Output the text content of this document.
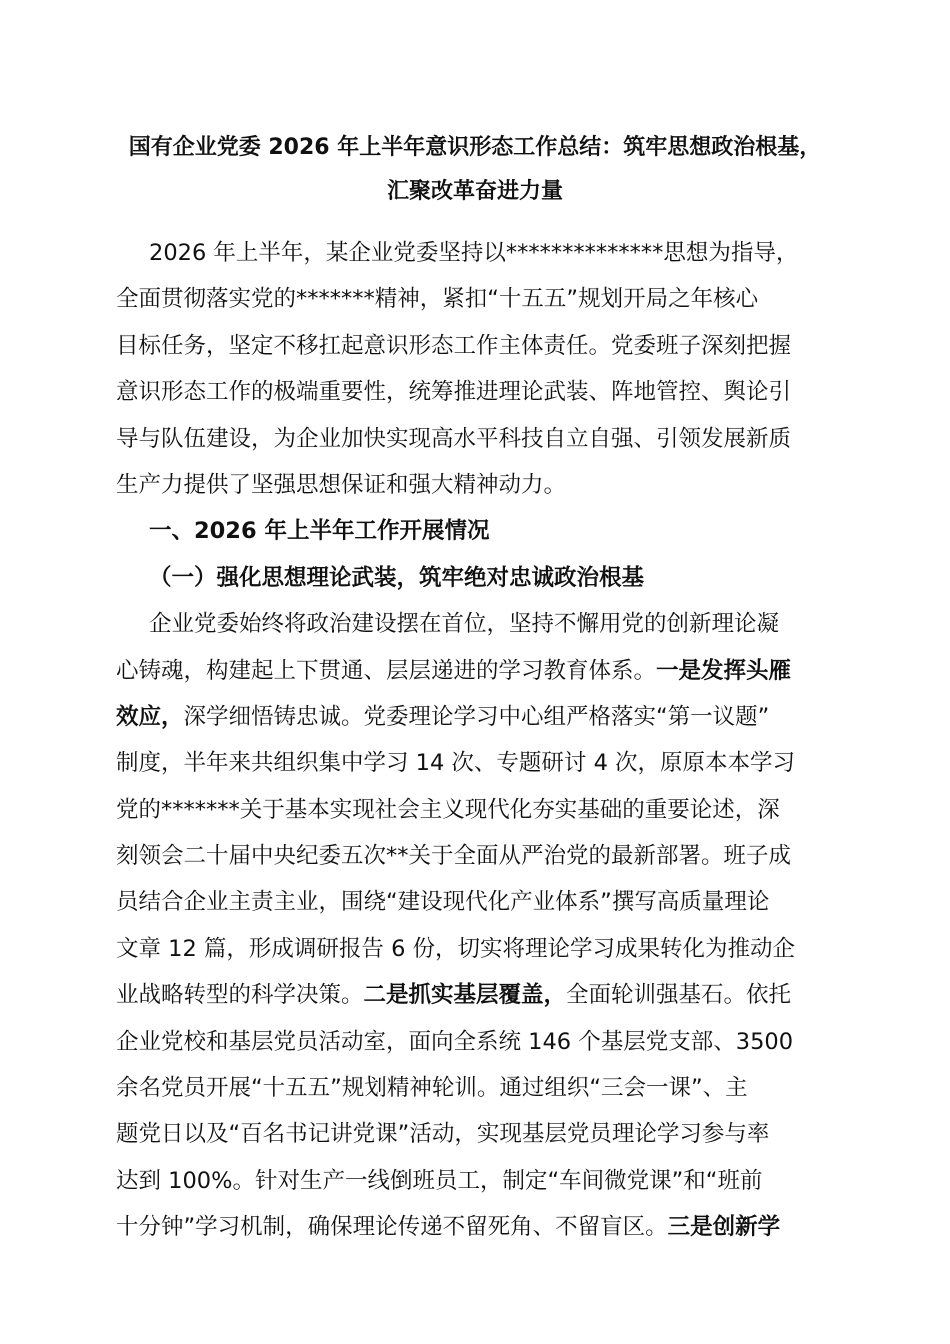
国有企业党委 2026 年上半年意识形态工作总结：筑牢思想政治根基，
汇聚改革奋进力量
2026 年上半年，某企业党委坚持以**************思想为指导，
全面贯彻落实党的*******精神，紧扣“十五五”规划开局之年核心
目标任务，坚定不移扛起意识形态工作主体责任。党委班子深刻把握
意识形态工作的极端重要性，统筹推进理论武装、阵地管控、舆论引
导与队伍建设，为企业加快实现高水平科技自立自强、引领发展新质
生产力提供了坚强思想保证和强大精神动力。
一、2026 年上半年工作开展情况
（一）强化思想理论武装，筑牢绝对忠诚政治根基
企业党委始终将政治建设摆在首位，坚持不懈用党的创新理论凝
心铸魂，构建起上下贯通、层层递进的学习教育体系。一是发挥头雁
效应，深学细悟铸忠诚。党委理论学习中心组严格落实“第一议题”
制度，半年来共组织集中学习 14 次、专题研讨 4 次，原原本本学习
党的*******关于基本实现社会主义现代化夯实基础的重要论述，深
刻领会二十届中央纪委五次**关于全面从严治党的最新部署。班子成
员结合企业主责主业，围绕“建设现代化产业体系”撰写高质量理论
文章 12 篇，形成调研报告 6 份，切实将理论学习成果转化为推动企
业战略转型的科学决策。二是抓实基层覆盖，全面轮训强基石。依托
企业党校和基层党员活动室，面向全系统 146 个基层党支部、3500
余名党员开展“十五五”规划精神轮训。通过组织“三会一课”、主
题党日以及“百名书记讲党课”活动，实现基层党员理论学习参与率
达到 100%。针对生产一线倒班员工，制定“车间微党课”和“班前
十分钟”学习机制，确保理论传递不留死角、不留盲区。三是创新学
